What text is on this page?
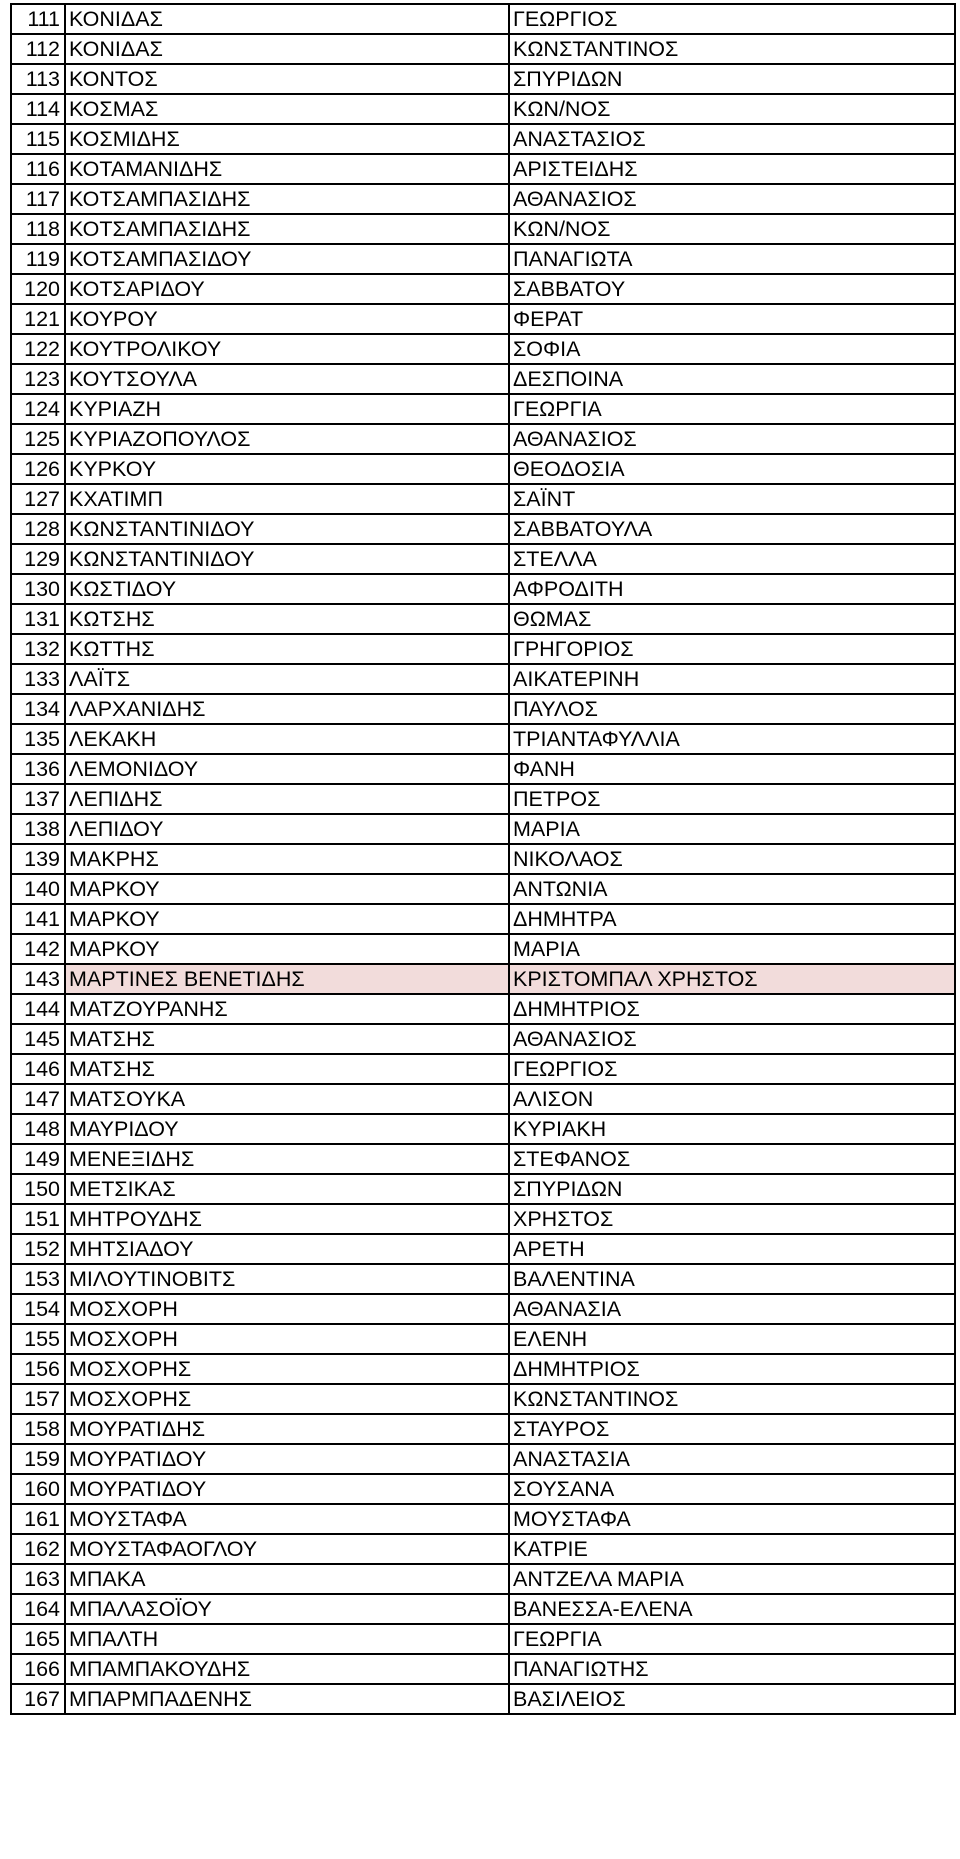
111	ΚΟΝΙΔΑΣ	ΓΕΩΡΓΙΟΣ
112	ΚΟΝΙΔΑΣ	ΚΩΝΣΤΑΝΤΙΝΟΣ
113	ΚΟΝΤΟΣ	ΣΠΥΡΙΔΩΝ
114	ΚΟΣΜΑΣ	ΚΩΝ/ΝΟΣ
115	ΚΟΣΜΙΔΗΣ	ΑΝΑΣΤΑΣΙΟΣ
116	ΚΟΤΑΜΑΝΙΔΗΣ	ΑΡΙΣΤΕΙΔΗΣ
117	ΚΟΤΣΑΜΠΑΣΙΔΗΣ	ΑΘΑΝΑΣΙΟΣ
118	ΚΟΤΣΑΜΠΑΣΙΔΗΣ	ΚΩΝ/ΝΟΣ
119	ΚΟΤΣΑΜΠΑΣΙΔΟΥ	ΠΑΝΑΓΙΩΤΑ
120	ΚΟΤΣΑΡΙΔΟΥ	ΣΑΒΒΑΤΟΥ
121	ΚΟΥΡΟΥ	ΦΕΡΑΤ
122	ΚΟΥΤΡΟΛΙΚΟΥ	ΣΟΦΙΑ
123	ΚΟΥΤΣΟΥΛΑ	ΔΕΣΠΟΙΝΑ
124	ΚΥΡΙΑΖΗ	ΓΕΩΡΓΙΑ
125	ΚΥΡΙΑΖΟΠΟΥΛΟΣ	ΑΘΑΝΑΣΙΟΣ
126	ΚΥΡΚΟΥ	ΘΕΟΔΟΣΙΑ
127	ΚΧΑΤΙΜΠ	ΣΑΪΝΤ
128	ΚΩΝΣΤΑΝΤΙΝΙΔΟΥ	ΣΑΒΒΑΤΟΥΛΑ
129	ΚΩΝΣΤΑΝΤΙΝΙΔΟΥ	ΣΤΕΛΛΑ
130	ΚΩΣΤΙΔΟΥ	ΑΦΡΟΔΙΤΗ
131	ΚΩΤΣΗΣ	ΘΩΜΑΣ
132	ΚΩΤΤΗΣ	ΓΡΗΓΟΡΙΟΣ
133	ΛΑΪΤΣ	ΑΙΚΑΤΕΡΙΝΗ
134	ΛΑΡΧΑΝΙΔΗΣ	ΠΑΥΛΟΣ
135	ΛΕΚΑΚΗ	ΤΡΙΑΝΤΑΦΥΛΛΙΑ
136	ΛΕΜΟΝΙΔΟΥ	ΦΑΝΗ
137	ΛΕΠΙΔΗΣ	ΠΕΤΡΟΣ
138	ΛΕΠΙΔΟΥ	ΜΑΡΙΑ
139	ΜΑΚΡΗΣ	ΝΙΚΟΛΑΟΣ
140	ΜΑΡΚΟΥ	ΑΝΤΩΝΙΑ
141	ΜΑΡΚΟΥ	ΔΗΜΗΤΡΑ
142	ΜΑΡΚΟΥ	ΜΑΡΙΑ
143	ΜΑΡΤΙΝΕΣ ΒΕΝΕΤΙΔΗΣ	ΚΡΙΣΤΟΜΠΑΛ ΧΡΗΣΤΟΣ
144	ΜΑΤΖΟΥΡΑΝΗΣ	ΔΗΜΗΤΡΙΟΣ
145	ΜΑΤΣΗΣ	ΑΘΑΝΑΣΙΟΣ
146	ΜΑΤΣΗΣ	ΓΕΩΡΓΙΟΣ
147	ΜΑΤΣΟΥΚΑ	ΑΛΙΣΟΝ
148	ΜΑΥΡΙΔΟΥ	ΚΥΡΙΑΚΗ
149	ΜΕΝΕΞΙΔΗΣ	ΣΤΕΦΑΝΟΣ
150	ΜΕΤΣΙΚΑΣ	ΣΠΥΡΙΔΩΝ
151	ΜΗΤΡΟΥΔΗΣ	ΧΡΗΣΤΟΣ
152	ΜΗΤΣΙΑΔΟΥ	ΑΡΕΤΗ
153	ΜΙΛΟΥΤΙΝΟΒΙΤΣ	ΒΑΛΕΝΤΙΝΑ
154	ΜΟΣΧΟΡΗ	ΑΘΑΝΑΣΙΑ
155	ΜΟΣΧΟΡΗ	ΕΛΕΝΗ
156	ΜΟΣΧΟΡΗΣ	ΔΗΜΗΤΡΙΟΣ
157	ΜΟΣΧΟΡΗΣ	ΚΩΝΣΤΑΝΤΙΝΟΣ
158	ΜΟΥΡΑΤΙΔΗΣ	ΣΤΑΥΡΟΣ
159	ΜΟΥΡΑΤΙΔΟΥ	ΑΝΑΣΤΑΣΙΑ
160	ΜΟΥΡΑΤΙΔΟΥ	ΣΟΥΣΑΝΑ
161	ΜΟΥΣΤΑΦΑ	ΜΟΥΣΤΑΦΑ
162	ΜΟΥΣΤΑΦΑΟΓΛΟΥ	ΚΑΤΡΙΕ
163	ΜΠΑΚΑ	ΑΝΤΖΕΛΑ ΜΑΡΙΑ
164	ΜΠΑΛΑΣΟΪΟΥ	ΒΑΝΕΣΣΑ-ΕΛΕΝΑ
165	ΜΠΑΛΤΗ	ΓΕΩΡΓΙΑ
166	ΜΠΑΜΠΑΚΟΥΔΗΣ	ΠΑΝΑΓΙΩΤΗΣ
167	ΜΠΑΡΜΠΑΔΕΝΗΣ	ΒΑΣΙΛΕΙΟΣ
